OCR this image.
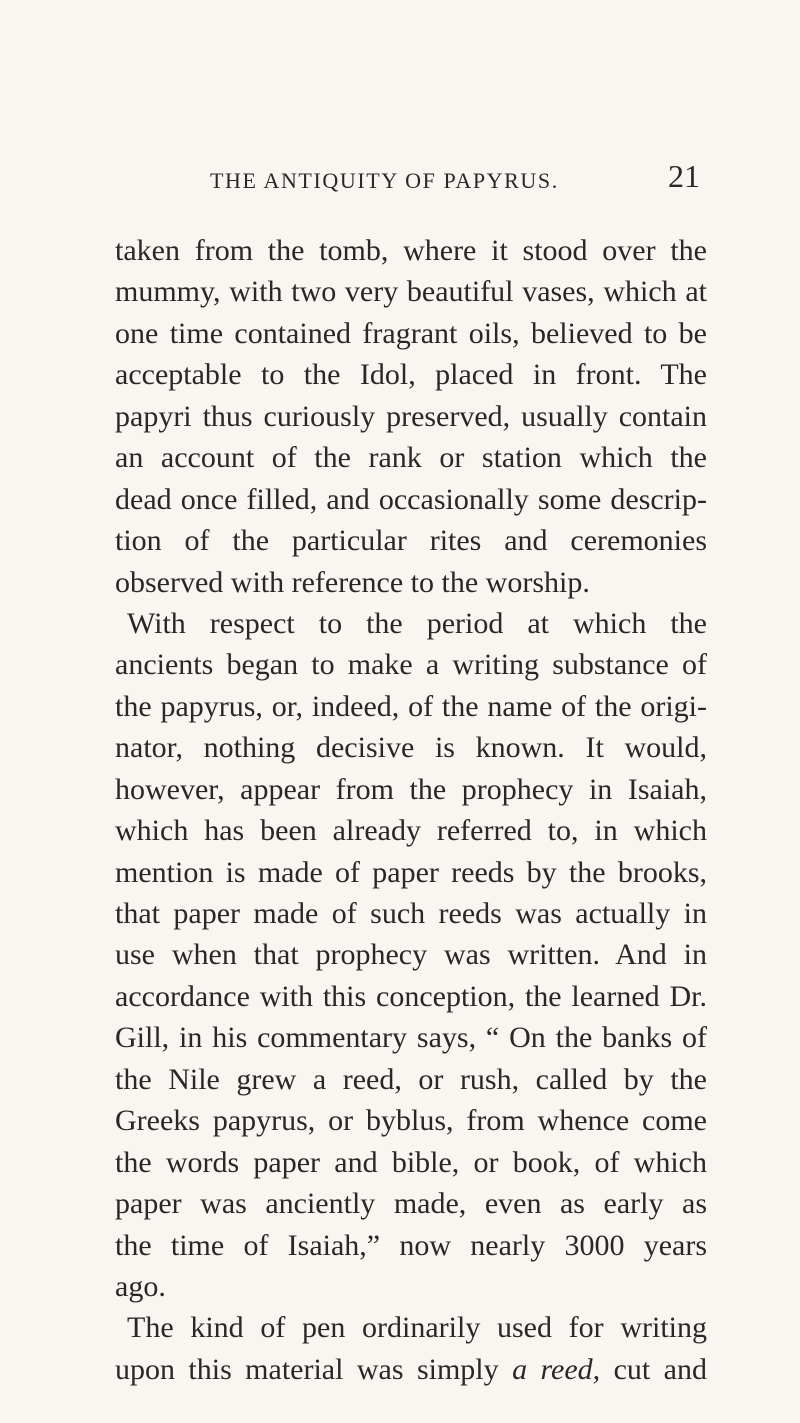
THE ANTIQUITY OF PAPYRUS.	21
taken from the tomb, where it stood over the
mummy, with two very beautiful vases, which at
one time contained fragrant oils, believed to be
acceptable to the Idol, placed in front. The
papyri thus curiously preserved, usually contain
an account of the rank or station which the
dead once filled, and occasionally some descrip-
tion of the particular rites and ceremonies
observed with reference to the worship.
With respect to the period at which the
ancients began to make a writing substance of
the papyrus, or, indeed, of the name of the origi-
nator, nothing decisive is known. It would,
however, appear from the prophecy in Isaiah,
which has been already referred to, in which
mention is made of paper reeds by the brooks,
that paper made of such reeds was actually in
use when that prophecy was written. And in
accordance with this conception, the learned Dr.
Gill, in his commentary says, “ On the banks of
the Nile grew a reed, or rush, called by the
Greeks papyrus, or byblus, from whence come
the words paper and bible, or book, of which
paper was anciently made, even as early as
the time of Isaiah,” now nearly 3000 years
ago.
The kind of pen ordinarily used for writing
upon this material was simply a reed, cut and
